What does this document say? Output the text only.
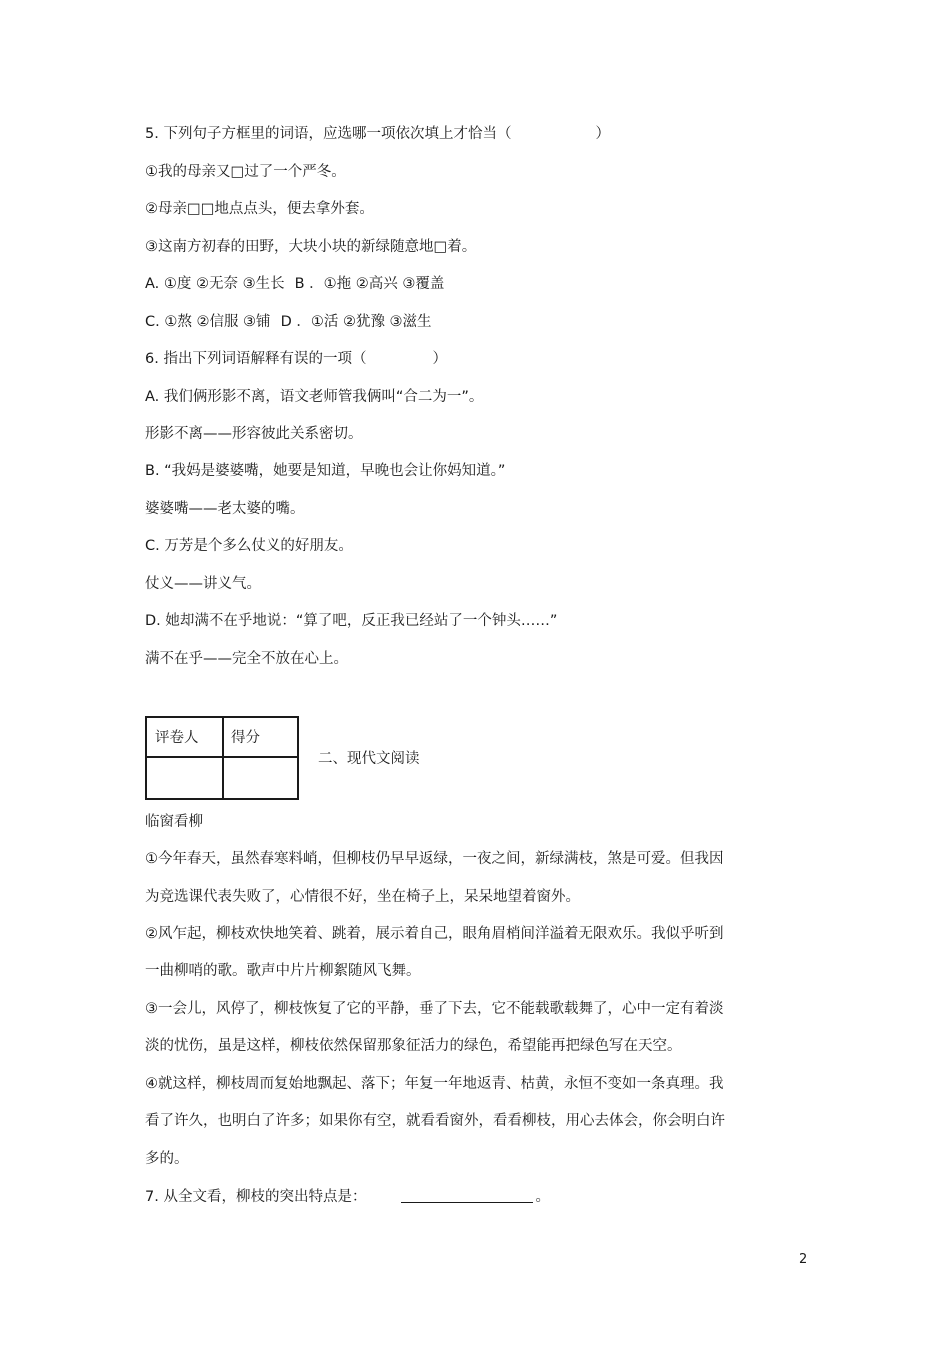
5. 下列句子方框里的词语，应选哪一项依次填上才恰当（	）
①我的母亲又□过了一个严冬。
②母亲□□地点点头，便去拿外套。
③这南方初春的田野，大块小块的新绿随意地□着。
A. ①度 ②无奈 ③生长 B ．①拖 ②高兴 ③覆盖
C. ①熬 ②信服 ③铺 D ．①活 ②犹豫 ③滋生
6. 指出下列词语解释有误的一项（	）
A. 我们俩形影不离，语文老师管我俩叫“合二为一”。
形影不离——形容彼此关系密切。
B. “我妈是婆婆嘴，她要是知道，早晚也会让你妈知道。”
婆婆嘴——老太婆的嘴。
C. 万芳是个多么仗义的好朋友。
仗义——讲义气。
D. 她却满不在乎地说：“算了吧，反正我已经站了一个钟头……”
满不在乎——完全不放在心上。
评卷人 得分
二、现代文阅读
临窗看柳
①今年春天，虽然春寒料峭，但柳枝仍早早返绿，一夜之间，新绿满枝，煞是可爱。但我因
为竞选课代表失败了，心情很不好，坐在椅子上，呆呆地望着窗外。
②风乍起，柳枝欢快地笑着、跳着，展示着自己，眼角眉梢间洋溢着无限欢乐。我似乎听到
一曲柳哨的歌。歌声中片片柳絮随风飞舞。
③一会儿，风停了，柳枝恢复了它的平静，垂了下去，它不能载歌载舞了，心中一定有着淡
淡的忧伤，虽是这样，柳枝依然保留那象征活力的绿色，希望能再把绿色写在天空。
④就这样，柳枝周而复始地飘起、落下；年复一年地返青、枯黄，永恒不变如一条真理。我
看了许久，也明白了许多；如果你有空，就看看窗外，看看柳枝，用心去体会，你会明白许
多的。
7. 从全文看，柳枝的突出特点是：	。
2
